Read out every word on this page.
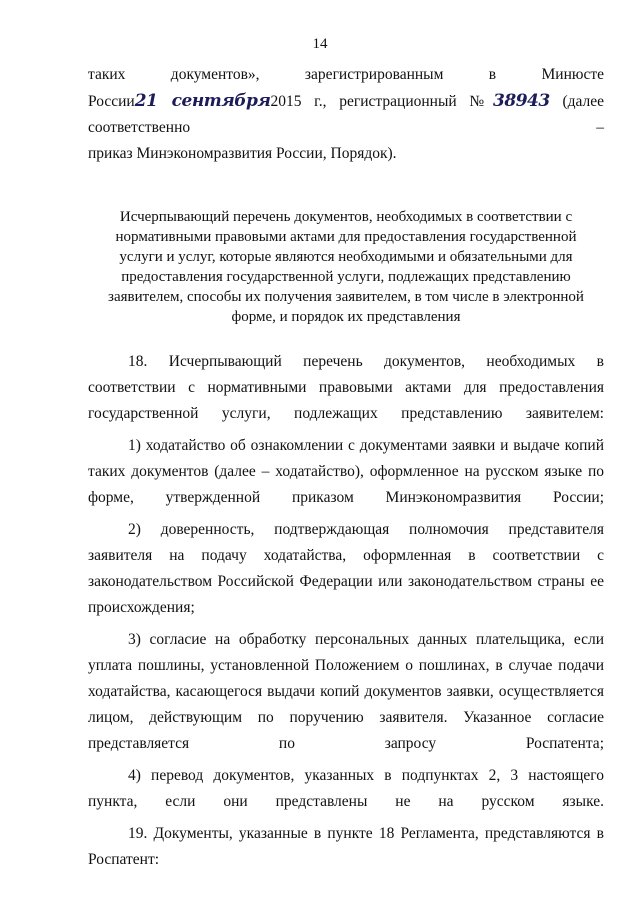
14

таких документов», зарегистрированным в Минюсте

России21 сентября2015 г., регистрационный №38943 (далее соответственно –

приказ Минэкономразвития России, Порядок).

Исчерпывающий перечень документов, необходимых в соответствии с нормативными правовыми актами для предоставления государственной услуги и услуг, которые являются необходимыми и обязательными для предоставления государственной услуги, подлежащих представлению заявителем, способы их получения заявителем, в том числе в электронной форме, и порядок их представления

18. Исчерпывающий перечень документов, необходимых в соответствии с нормативными правовыми актами для предоставления государственной услуги, подлежащих представлению заявителем:

1) ходатайство об ознакомлении с документами заявки и выдаче копий таких документов (далее – ходатайство), оформленное на русском языке по форме, утвержденной приказом Минэкономразвития России;

2) доверенность, подтверждающая полномочия представителя заявителя на подачу ходатайства, оформленная в соответствии с законодательством Российской Федерации или законодательством страны ее происхождения;

3) согласие на обработку персональных данных плательщика, если уплата пошлины, установленной Положением о пошлинах, в случае подачи ходатайства, касающегося выдачи копий документов заявки, осуществляется лицом, действующим по поручению заявителя. Указанное согласие представляется по запросу Роспатента;

4) перевод документов, указанных в подпунктах 2, 3 настоящего пункта, если они представлены не на русском языке.

19. Документы, указанные в пункте 18 Регламента, представляются в Роспатент:
